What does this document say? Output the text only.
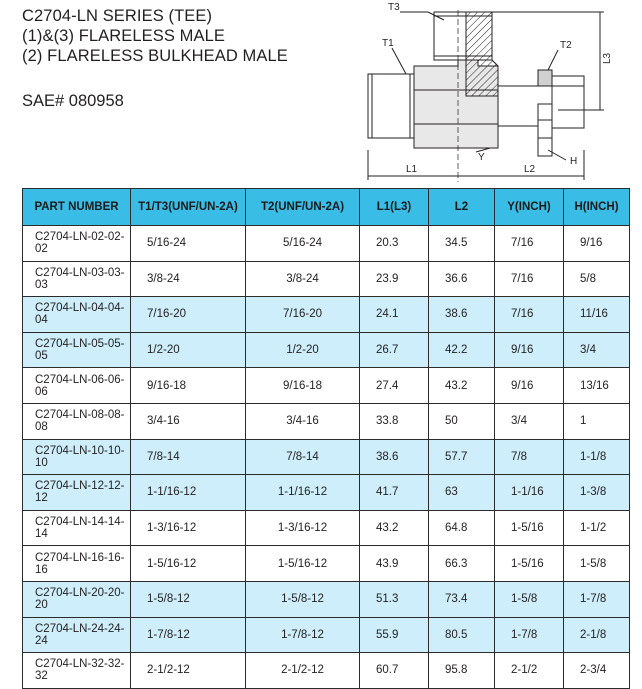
C2704-LN SERIES (TEE)
(1)&(3) FLARELESS MALE
(2) FLARELESS BULKHEAD MALE
SAE# 080958
T1
T3
T2
L1	L2
L3
Y	H
PART NUMBER	T1/T3(UNF/UN-2A)	T2(UNF/UN-2A)	L1(L3)	L2	Y(INCH)	H(INCH)
C2704-LN-02-02-02	5/16-24	5/16-24	20.3	34.5	7/16	9/16
C2704-LN-03-03-03	3/8-24	3/8-24	23.9	36.6	7/16	5/8
C2704-LN-04-04-04	7/16-20	7/16-20	24.1	38.6	7/16	11/16
C2704-LN-05-05-05	1/2-20	1/2-20	26.7	42.2	9/16	3/4
C2704-LN-06-06-06	9/16-18	9/16-18	27.4	43.2	9/16	13/16
C2704-LN-08-08-08	3/4-16	3/4-16	33.8	50	3/4	1
C2704-LN-10-10-10	7/8-14	7/8-14	38.6	57.7	7/8	1-1/8
C2704-LN-12-12-12	1-1/16-12	1-1/16-12	41.7	63	1-1/16	1-3/8
C2704-LN-14-14-14	1-3/16-12	1-3/16-12	43.2	64.8	1-5/16	1-1/2
C2704-LN-16-16-16	1-5/16-12	1-5/16-12	43.9	66.3	1-5/16	1-5/8
C2704-LN-20-20-20	1-5/8-12	1-5/8-12	51.3	73.4	1-5/8	1-7/8
C2704-LN-24-24-24	1-7/8-12	1-7/8-12	55.9	80.5	1-7/8	2-1/8
C2704-LN-32-32-32	2-1/2-12	2-1/2-12	60.7	95.8	2-1/2	2-3/4
